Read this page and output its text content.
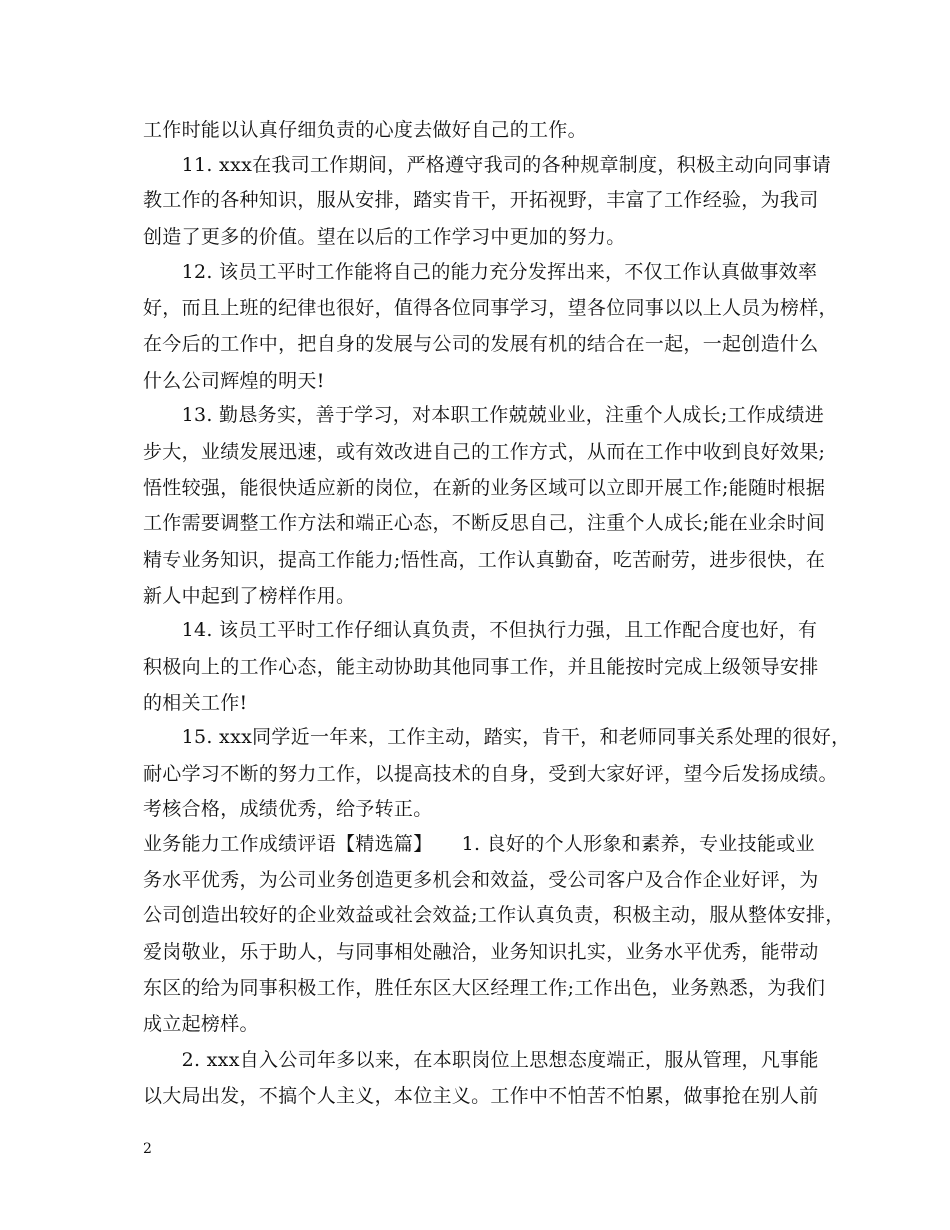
工作时能以认真仔细负责的心度去做好自己的工作。
　　11. xxx在我司工作期间，严格遵守我司的各种规章制度，积极主动向同事请
教工作的各种知识，服从安排，踏实肯干，开拓视野，丰富了工作经验，为我司
创造了更多的价值。望在以后的工作学习中更加的努力。
　　12. 该员工平时工作能将自己的能力充分发挥出来，不仅工作认真做事效率
好，而且上班的纪律也很好，值得各位同事学习，望各位同事以以上人员为榜样，
在今后的工作中，把自身的发展与公司的发展有机的结合在一起，一起创造什么
什么公司辉煌的明天!
　　13. 勤恳务实，善于学习，对本职工作兢兢业业，注重个人成长;工作成绩进
步大，业绩发展迅速，或有效改进自己的工作方式，从而在工作中收到良好效果;
悟性较强，能很快适应新的岗位，在新的业务区域可以立即开展工作;能随时根据
工作需要调整工作方法和端正心态，不断反思自己，注重个人成长;能在业余时间
精专业务知识，提高工作能力;悟性高，工作认真勤奋，吃苦耐劳，进步很快，在
新人中起到了榜样作用。
　　14. 该员工平时工作仔细认真负责，不但执行力强，且工作配合度也好，有
积极向上的工作心态，能主动协助其他同事工作，并且能按时完成上级领导安排
的相关工作!
　　15. xxx同学近一年来，工作主动，踏实，肯干，和老师同事关系处理的很好，
耐心学习不断的努力工作，以提高技术的自身，受到大家好评，望今后发扬成绩。
考核合格，成绩优秀，给予转正。
业务能力工作成绩评语【精选篇】　　1. 良好的个人形象和素养，专业技能或业
务水平优秀，为公司业务创造更多机会和效益，受公司客户及合作企业好评，为
公司创造出较好的企业效益或社会效益;工作认真负责，积极主动，服从整体安排，
爱岗敬业，乐于助人，与同事相处融洽，业务知识扎实，业务水平优秀，能带动
东区的给为同事积极工作，胜任东区大区经理工作;工作出色，业务熟悉，为我们
成立起榜样。
　　2. xxx自入公司年多以来，在本职岗位上思想态度端正，服从管理，凡事能
以大局出发，不搞个人主义，本位主义。工作中不怕苦不怕累，做事抢在别人前
2
